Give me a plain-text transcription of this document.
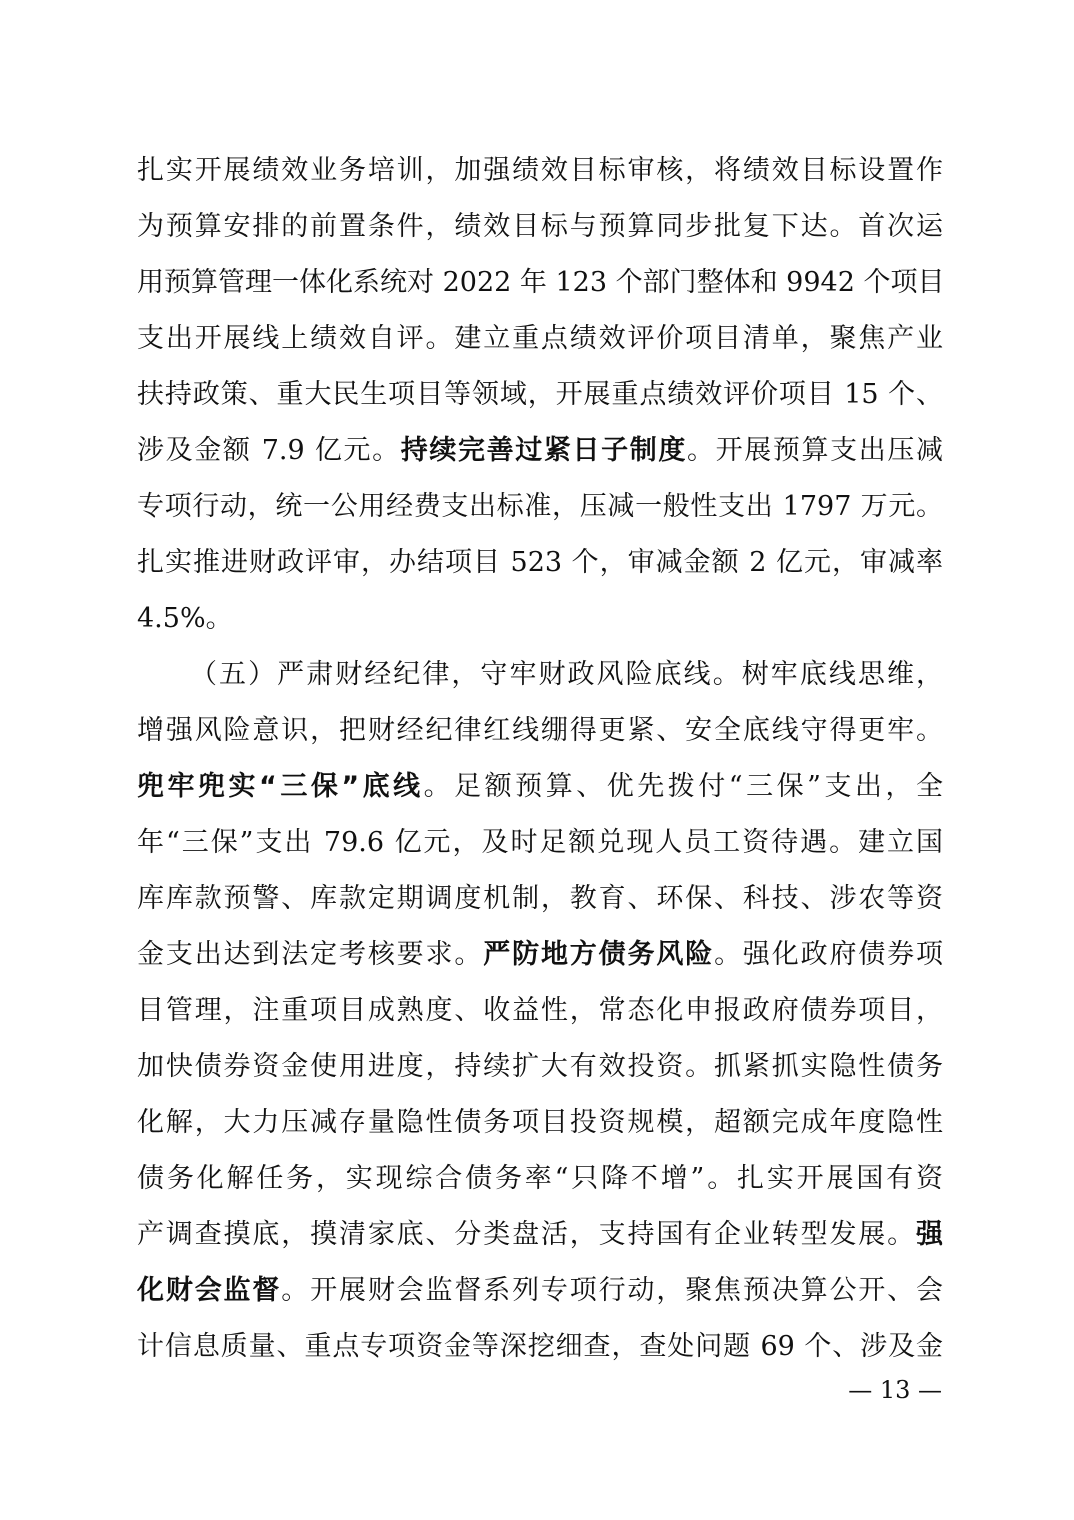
扎实开展绩效业务培训，加强绩效目标审核，将绩效目标设置作
为预算安排的前置条件，绩效目标与预算同步批复下达。首次运
用预算管理一体化系统对 2022 年 123 个部门整体和 9942 个项目
支出开展线上绩效自评。建立重点绩效评价项目清单，聚焦产业
扶持政策、重大民生项目等领域，开展重点绩效评价项目 15 个、
涉及金额 7.9 亿元。持续完善过紧日子制度。开展预算支出压减
专项行动，统一公用经费支出标准，压减一般性支出 1797 万元。
扎实推进财政评审，办结项目 523 个，审减金额 2 亿元，审减率
4.5%。
（五）严肃财经纪律，守牢财政风险底线。树牢底线思维，
增强风险意识，把财经纪律红线绷得更紧、安全底线守得更牢。
兜牢兜实“三保”底线。足额预算、优先拨付“三保”支出，全
年“三保”支出 79.6 亿元，及时足额兑现人员工资待遇。建立国
库库款预警、库款定期调度机制，教育、环保、科技、涉农等资
金支出达到法定考核要求。严防地方债务风险。强化政府债券项
目管理，注重项目成熟度、收益性，常态化申报政府债券项目，
加快债券资金使用进度，持续扩大有效投资。抓紧抓实隐性债务
化解，大力压减存量隐性债务项目投资规模，超额完成年度隐性
债务化解任务，实现综合债务率“只降不增”。扎实开展国有资
产调查摸底，摸清家底、分类盘活，支持国有企业转型发展。强
化财会监督。开展财会监督系列专项行动，聚焦预决算公开、会
计信息质量、重点专项资金等深挖细查，查处问题 69 个、涉及金
— 13 —
